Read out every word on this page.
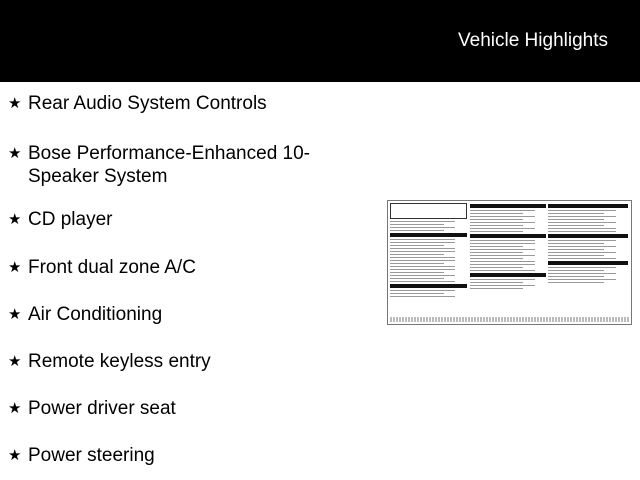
Vehicle Highlights
★ Rear Audio System Controls
★ Bose Performance-Enhanced 10-Speaker System
★ CD player
★ Front dual zone A/C
★ Air Conditioning
★ Remote keyless entry
★ Power driver seat
★ Power steering
